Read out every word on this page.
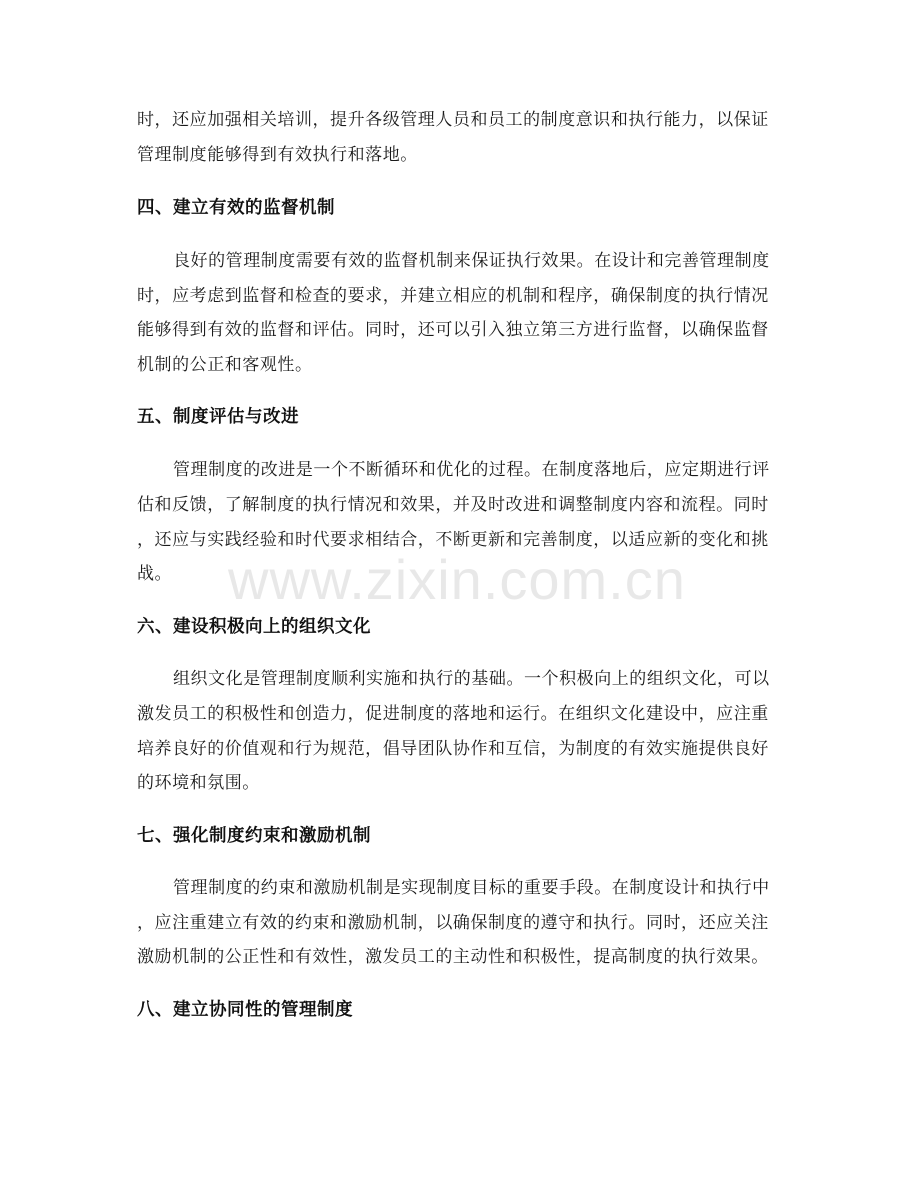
时，还应加强相关培训，提升各级管理人员和员工的制度意识和执行能力，以保证
管理制度能够得到有效执行和落地。
四、建立有效的监督机制
良好的管理制度需要有效的监督机制来保证执行效果。在设计和完善管理制度
时，应考虑到监督和检查的要求，并建立相应的机制和程序，确保制度的执行情况
能够得到有效的监督和评估。同时，还可以引入独立第三方进行监督，以确保监督
机制的公正和客观性。
五、制度评估与改进
管理制度的改进是一个不断循环和优化的过程。在制度落地后，应定期进行评
估和反馈，了解制度的执行情况和效果，并及时改进和调整制度内容和流程。同时
，还应与实践经验和时代要求相结合，不断更新和完善制度，以适应新的变化和挑
战。
六、建设积极向上的组织文化
组织文化是管理制度顺利实施和执行的基础。一个积极向上的组织文化，可以
激发员工的积极性和创造力，促进制度的落地和运行。在组织文化建设中，应注重
培养良好的价值观和行为规范，倡导团队协作和互信，为制度的有效实施提供良好
的环境和氛围。
七、强化制度约束和激励机制
管理制度的约束和激励机制是实现制度目标的重要手段。在制度设计和执行中
，应注重建立有效的约束和激励机制，以确保制度的遵守和执行。同时，还应关注
激励机制的公正性和有效性，激发员工的主动性和积极性，提高制度的执行效果。
八、建立协同性的管理制度
www.zixin.com.cn
